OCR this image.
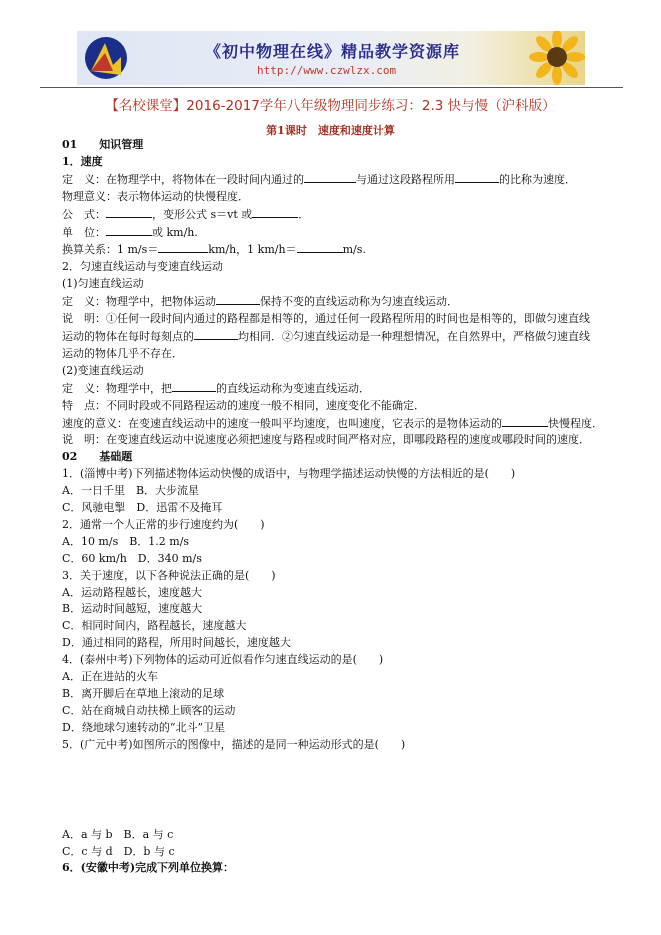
《初中物理在线》精品教学资源库
http://www.czwlzx.com
【名校课堂】2016-2017学年八年级物理同步练习：2.3 快与慢（沪科版）
第1课时　速度和速度计算
01　　知识管理
1．速度
定　义：在物理学中，将物体在一段时间内通过的	与通过这段路程所用	的比称为速度．
物理意义：表示物体运动的快慢程度．
公　式：	，变形公式 s＝vt 或	．
单　位：	或 km/h.
换算关系：1 m/s＝	km/h，1 km/h＝	m/s.
2．匀速直线运动与变速直线运动
(1)匀速直线运动
定　义：物理学中，把物体运动	保持不变的直线运动称为匀速直线运动．
说　明：①任何一段时间内通过的路程都是相等的，通过任何一段路程所用的时间也是相等的，即做匀速直线
运动的物体在每时每刻点的	均相同．②匀速直线运动是一种理想情况，在自然界中，严格做匀速直线
运动的物体几乎不存在．
(2)变速直线运动
定　义：物理学中，把	的直线运动称为变速直线运动．
特　点：不同时段或不同路程运动的速度一般不相同，速度变化不能确定．
速度的意义：在变速直线运动中的速度一般叫平均速度，也叫速度，它表示的是物体运动的	快慢程度．
说　明：在变速直线运动中说速度必须把速度与路程或时间严格对应，即哪段路程的速度或哪段时间的速度．
02　　基础题
1．(淄博中考)下列描述物体运动快慢的成语中，与物理学描述运动快慢的方法相近的是(　　)
A．一日千里　B．大步流星
C．风驰电掣　D．迅雷不及掩耳
2．通常一个人正常的步行速度约为(　　)
A．10 m/s　B．1.2 m/s
C．60 km/h　D．340 m/s
3．关于速度，以下各种说法正确的是(　　)
A．运动路程越长，速度越大
B．运动时间越短，速度越大
C．相同时间内，路程越长，速度越大
D．通过相同的路程，所用时间越长，速度越大
4．(泰州中考)下列物体的运动可近似看作匀速直线运动的是(　　)
A．正在进站的火车
B．离开脚后在草地上滚动的足球
C．站在商城自动扶梯上顾客的运动
D．绕地球匀速转动的“北斗”卫星
5．(广元中考)如图所示的图像中，描述的是同一种运动形式的是(　　)
A．a 与 b　B．a 与 c
C．c 与 d　D．b 与 c
6．(安徽中考)完成下列单位换算：
